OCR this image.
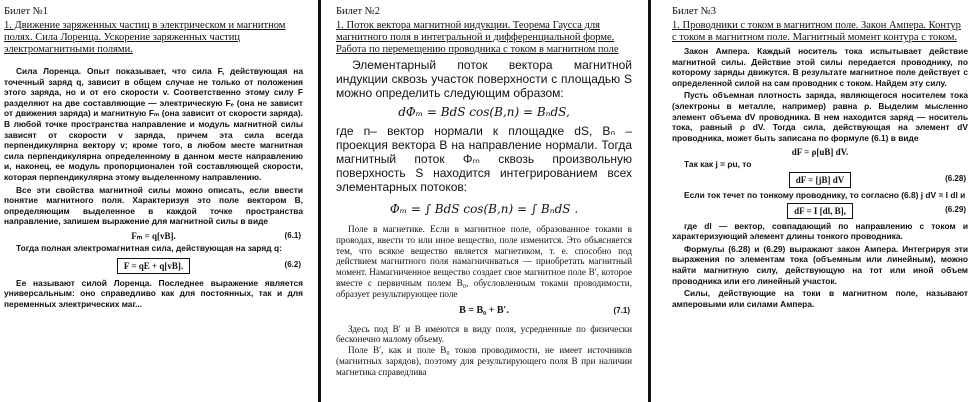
Билет №1

1. Движение заряженных частиц в электрическом и магнитном полях. Сила Лоренца. Ускорение заряженных частиц электромагнитными полями.

Сила Лоренца. Опыт показывает, что сила F, действующая на точечный заряд q, зависит в общем случае не только от положения этого заряда, но и от его скорости v. Соответственно этому силу F разделяют на две составляющие — электрическую Fₑ (она не зависит от движения заряда) и магнитную Fₘ (она зависит от скорости заряда). В любой точке пространства направление и модуль магнитной силы зависят от скорости v заряда, причем эта сила всегда перпендикулярна вектору v; кроме того, в любом месте магнитная сила перпендикулярна определенному в данном месте направлению и, наконец, ее модуль пропорционален той составляющей скорости, которая перпендикулярна этому выделенному направлению.

Все эти свойства магнитной силы можно описать, если ввести понятие магнитного поля. Характеризуя это поле вектором B, определяющим выделенное в каждой точке пространства направление, запишем выражение для магнитной силы в виде

Fₘ = q[vB].	(6.1)

Тогда полная электромагнитная сила, действующая на заряд q:

F = qE + q[vB].	(6.2)

Ее называют силой Лоренца. Последнее выражение является универсальным: оно справедливо как для постоянных, так и для переменных электрических маг...

Билет №2

1. Поток вектора магнитной индукции. Теорема Гаусса для магнитного поля в интегральной и дифференциальной форме. Работа по перемещению проводника с током в магнитном поле

Элементарный поток вектора магнитной индукции сквозь участок поверхности с площадью S можно определить следующим образом:

dΦₘ = BdS cos(B,n) = BₙdS,

где n– вектор нормали к площадке dS, Bₙ – проекция вектора B на направление нормали. Тогда магнитный поток Φₘ сквозь произвольную поверхность S находится интегрированием всех элементарных потоков:

Φₘ = ∫ BdS cos(B,n) = ∫ BₙdS .

Поле в магнетике. Если в магнитное поле, образованное токами в проводах, ввести то или иное вещество, поле изменится. Это объясняется тем, что всякое вещество является магнетиком, т. е. способно под действием магнитного поля намагничиваться — приобретать магнитный момент. Намагниченное вещество создает свое магнитное поле B′, которое вместе с первичным полем B₀, обусловленным токами проводимости, образует результирующее поле

B = B₀ + B′.	(7.1)

Здесь под B′ и B имеются в виду поля, усредненные по физически бесконечно малому объему.

Поле B′, как и поле B₀ токов проводимости, не имеет источников (магнитных зарядов), поэтому для результирующего поля B при наличии магнетика справедлива

Билет №3

1. Проводники с током в магнитном поле. Закон Ампера. Контур с током в магнитном поле. Магнитный момент контура с током.

Закон Ампера. Каждый носитель тока испытывает действие магнитной силы. Действие этой силы передается проводнику, по которому заряды движутся. В результате магнитное поле действует с определенной силой на сам проводник с током. Найдем эту силу.

Пусть объемная плотность заряда, являющегося носителем тока (электроны в металле, например) равна ρ. Выделим мысленно элемент объема dV проводника. В нем находится заряд — носитель тока, равный ρ dV. Тогда сила, действующая на элемент dV проводника, может быть записана по формуле (6.1) в виде

dF = ρ[uB] dV.

Так как j = ρu, то

dF = [jB] dV	(6.28)

Если ток течет по тонкому проводнику, то согласно (6.8) j dV = I dl и

dF = I [dl, B],	(6.29)

где dl — вектор, совпадающий по направлению с током и характеризующий элемент длины тонкого проводника.

Формулы (6.28) и (6.29) выражают закон Ампера. Интегрируя эти выражения по элементам тока (объемным или линейным), можно найти магнитную силу, действующую на тот или иной объем проводника или его линейный участок.

Силы, действующие на токи в магнитном поле, называют амперовыми или силами Ампера.
